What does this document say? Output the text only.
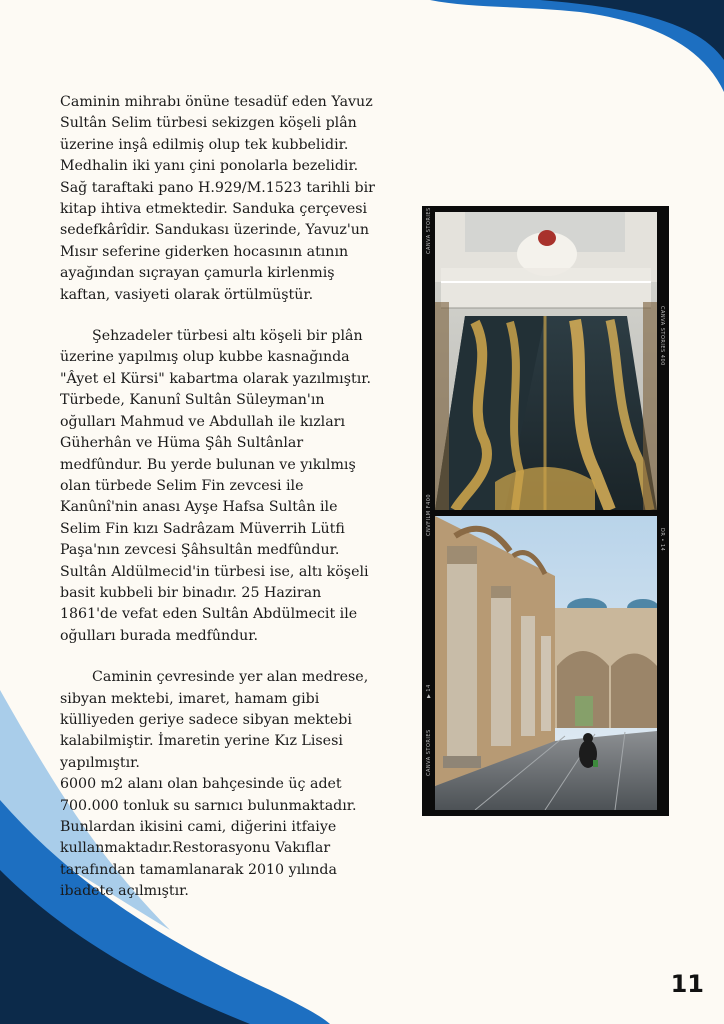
Caminin mihrabı önüne tesadüf eden Yavuz Sultân Selim türbesi sekizgen köşeli plân üzerine inşâ edilmiş olup tek kubbelidir. Medhalin iki yanı çini ponolarla bezelidir. Sağ taraftaki pano H.929/M.1523 tarihli bir kitap ihtiva etmektedir. Sanduka çerçevesi sedefkârîdir. Sandukası üzerinde, Yavuz'un Mısır seferine giderken hocasının atının ayağından sıçrayan çamurla kirlenmiş kaftan, vasiyeti olarak örtülmüştür.

Şehzadeler türbesi altı köşeli bir plân üzerine yapılmış olup kubbe kasnağında "Âyet el Kürsi" kabartma olarak yazılmıştır. Türbede, Kanunî Sultân Süleyman'ın oğulları Mahmud ve Abdullah ile kızları Güherhân ve Hüma Şâh Sultânlar medfûndur. Bu yerde bulunan ve yıkılmış olan türbede Selim Fin zevcesi ile Kanûnî'nin anası Ayşe Hafsa Sultân ile Selim Fin kızı Sadrâzam Müverrih Lütfi Paşa'nın zevcesi Şâhsultân medfûndur. Sultân Aldülmecid'in türbesi ise, altı köşeli basit kubbeli bir binadır. 25 Haziran 1861'de vefat eden Sultân Abdülmecit ile oğulları burada medfûndur.

Caminin çevresinde yer alan medrese, sibyan mektebi, imaret, hamam gibi külliyeden geriye sadece sibyan mektebi kalabilmiştir. İmaretin yerine Kız Lisesi yapılmıştır.

6000 m2 alanı olan bahçesinde üç adet 700.000 tonluk su sarnıcı bulunmaktadır. Bunlardan ikisini cami, diğerini itfaiye kullanmaktadır.Restorasyonu Vakıflar tarafından tamamlanarak 2010 yılında ibadete açılmıştır.

CANVA STORIES
CANVA STORIES 400
CNVFILM F400
DR • 14
▶ 14
CANVA STORIES
11
